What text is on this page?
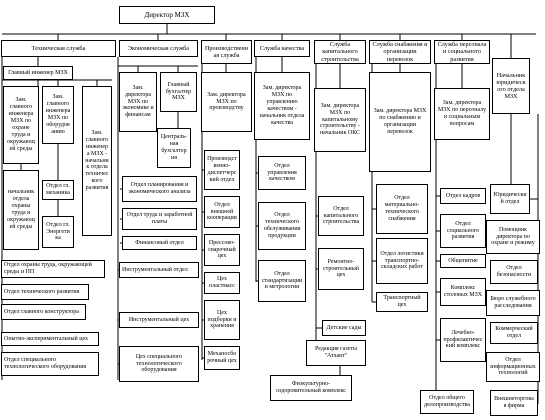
Директор МЗХ
Техническая служба	Экономическая служба	Производственная служба
Служба качества
Служба капитального строительства
Служба снабжения и организации перевозок
Служба персонала и социального развития
Начальник юридического отдела МЗХ
Главный инженер МЗХ
Зам. главного инженера МЗХ по охране труда и окружающей среды
Зам. главного инженера МЗХ по оборудованию	Зам. главного инженера МЗХ - начальник отдела технического развития
начальник отдела охраны труда и окружающей среды
Отдел гл. механика
Отдел гл. Энергетика
Отдел охраны труда, окружающей среды и ПП
Отдел технического развития
Отдел главного конструктора
Опытно-экспериментальный цех
Отдел специального технологического оборудования
Зам. директора МЗХ по экономике и финансам
Главный бухгалтер МЗХ
Централь-ная бухгалтерия
Отдел планирования и экономического анализа
Отдел труда и заработной платы
Финансовый отдел
Инструментальный отдел
Инструментальный цех
Цех специального технологического оборудования
Зам. директора МЗХ по производству
Производственно-диспетчерский отдел
Отдел внешней кооперации
Прессово-сварочный цех
Цех пластмасс
Цех подборки и хранения
Механосборочный цех
Зам. директора МЗХ по управлению качеством - начальник отдела качества
Отдел управления качеством
Отдел технического обслуживания продукции
Отдел стандартизации и метрологии
Зам. директора МЗХ по капитальному строительству - начальник ОКС
Отдел капитального строительства
Ремонтно-строительный цех
Детские сады
Редакция газеты "Атлант"
Физкультурно-оздоровительный комплекс
Зам. директора МЗХ по снабжению и организации перевозок
Отдел материально-технического снабжения
Отдел логистики транспортно-складских работ
Транспортный цех
Зам. директора МЗХ по персоналу и социальным вопросам
Отдел кадров
Отдел социального развития
Общепитие
Комплекс столовых МЗХ
Лечебно-профилактический комплекс
Отдел общего делопроизводства
Юридический отдел
Помощник директора по охране и режиму
Отдел безопасности
Бюро служебного расследования
Коммерческий отдел
Отдел информационных технологий
Внешнеторговая фирма
